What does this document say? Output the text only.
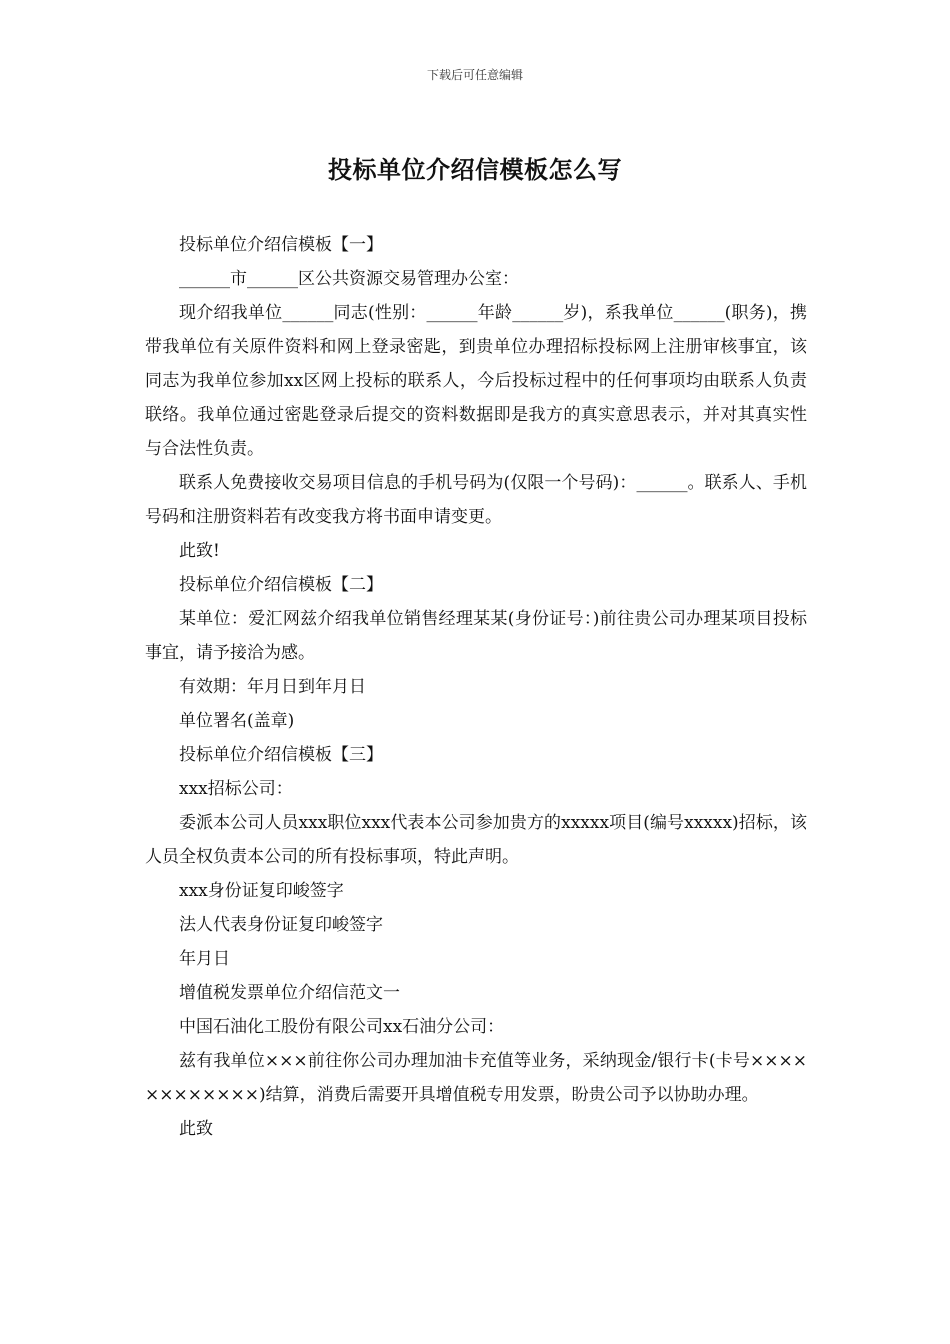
下载后可任意编辑
投标单位介绍信模板怎么写

投标单位介绍信模板【一】

______市______区公共资源交易管理办公室：

现介绍我单位______同志(性别：______年龄______岁)，系我单位______(职务)，携带我单位有关原件资料和网上登录密匙，到贵单位办理招标投标网上注册审核事宜，该同志为我单位参加xx区网上投标的联系人，今后投标过程中的任何事项均由联系人负责联络。我单位通过密匙登录后提交的资料数据即是我方的真实意思表示，并对其真实性与合法性负责。

联系人免费接收交易项目信息的手机号码为(仅限一个号码)：______。联系人、手机号码和注册资料若有改变我方将书面申请变更。

此致!

投标单位介绍信模板【二】

某单位：爱汇网兹介绍我单位销售经理某某(身份证号：)前往贵公司办理某项目投标事宜，请予接洽为感。

有效期：年月日到年月日

单位署名(盖章)

投标单位介绍信模板【三】

xxx招标公司：

委派本公司人员xxx职位xxx代表本公司参加贵方的xxxxx项目(编号xxxxx)招标，该人员全权负责本公司的所有投标事项，特此声明。

xxx身份证复印峻签字

法人代表身份证复印峻签字

年月日

增值税发票单位介绍信范文一

中国石油化工股份有限公司xx石油分公司：

兹有我单位×××前往你公司办理加油卡充值等业务，采纳现金/银行卡(卡号××××××××××××)结算，消费后需要开具增值税专用发票，盼贵公司予以协助办理。

此致
